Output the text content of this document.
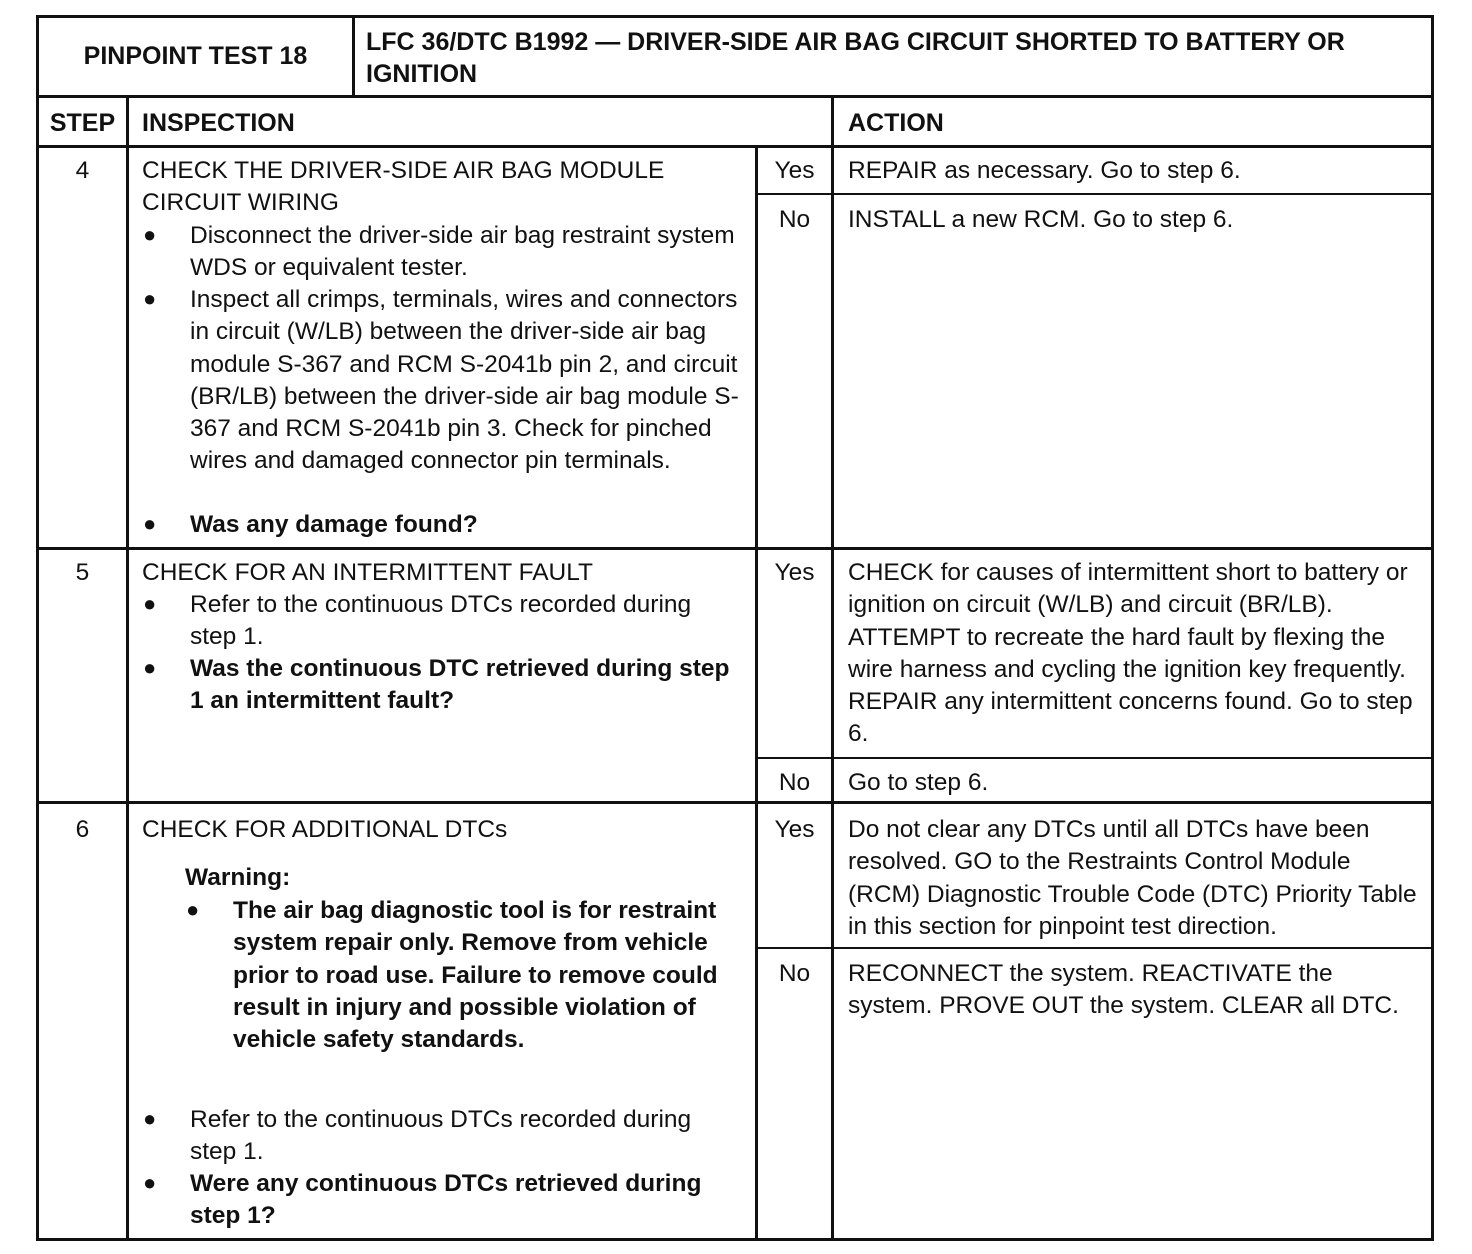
PINPOINT TEST 18	LFC 36/DTC B1992 — DRIVER-SIDE AIR BAG CIRCUIT SHORTED TO BATTERY OR IGNITION
STEP	INSPECTION	ACTION
4	CHECK THE DRIVER-SIDE AIR BAG MODULE CIRCUIT WIRING
● Disconnect the driver-side air bag restraint system WDS or equivalent tester.
● Inspect all crimps, terminals, wires and connectors in circuit (W/LB) between the driver-side air bag module S-367 and RCM S-2041b pin 2, and circuit (BR/LB) between the driver-side air bag module S-367 and RCM S-2041b pin 3. Check for pinched wires and damaged connector pin terminals.
● Was any damage found?
Yes	REPAIR as necessary. Go to step 6.
No	INSTALL a new RCM. Go to step 6.
5	CHECK FOR AN INTERMITTENT FAULT
● Refer to the continuous DTCs recorded during step 1.
● Was the continuous DTC retrieved during step 1 an intermittent fault?
Yes	CHECK for causes of intermittent short to battery or ignition on circuit (W/LB) and circuit (BR/LB). ATTEMPT to recreate the hard fault by flexing the wire harness and cycling the ignition key frequently. REPAIR any intermittent concerns found. Go to step 6.
No	Go to step 6.
6	CHECK FOR ADDITIONAL DTCs
Warning:
● The air bag diagnostic tool is for restraint system repair only. Remove from vehicle prior to road use. Failure to remove could result in injury and possible violation of vehicle safety standards.
● Refer to the continuous DTCs recorded during step 1.
● Were any continuous DTCs retrieved during step 1?
Yes	Do not clear any DTCs until all DTCs have been resolved. GO to the Restraints Control Module (RCM) Diagnostic Trouble Code (DTC) Priority Table in this section for pinpoint test direction.
No	RECONNECT the system. REACTIVATE the system. PROVE OUT the system. CLEAR all DTC.
